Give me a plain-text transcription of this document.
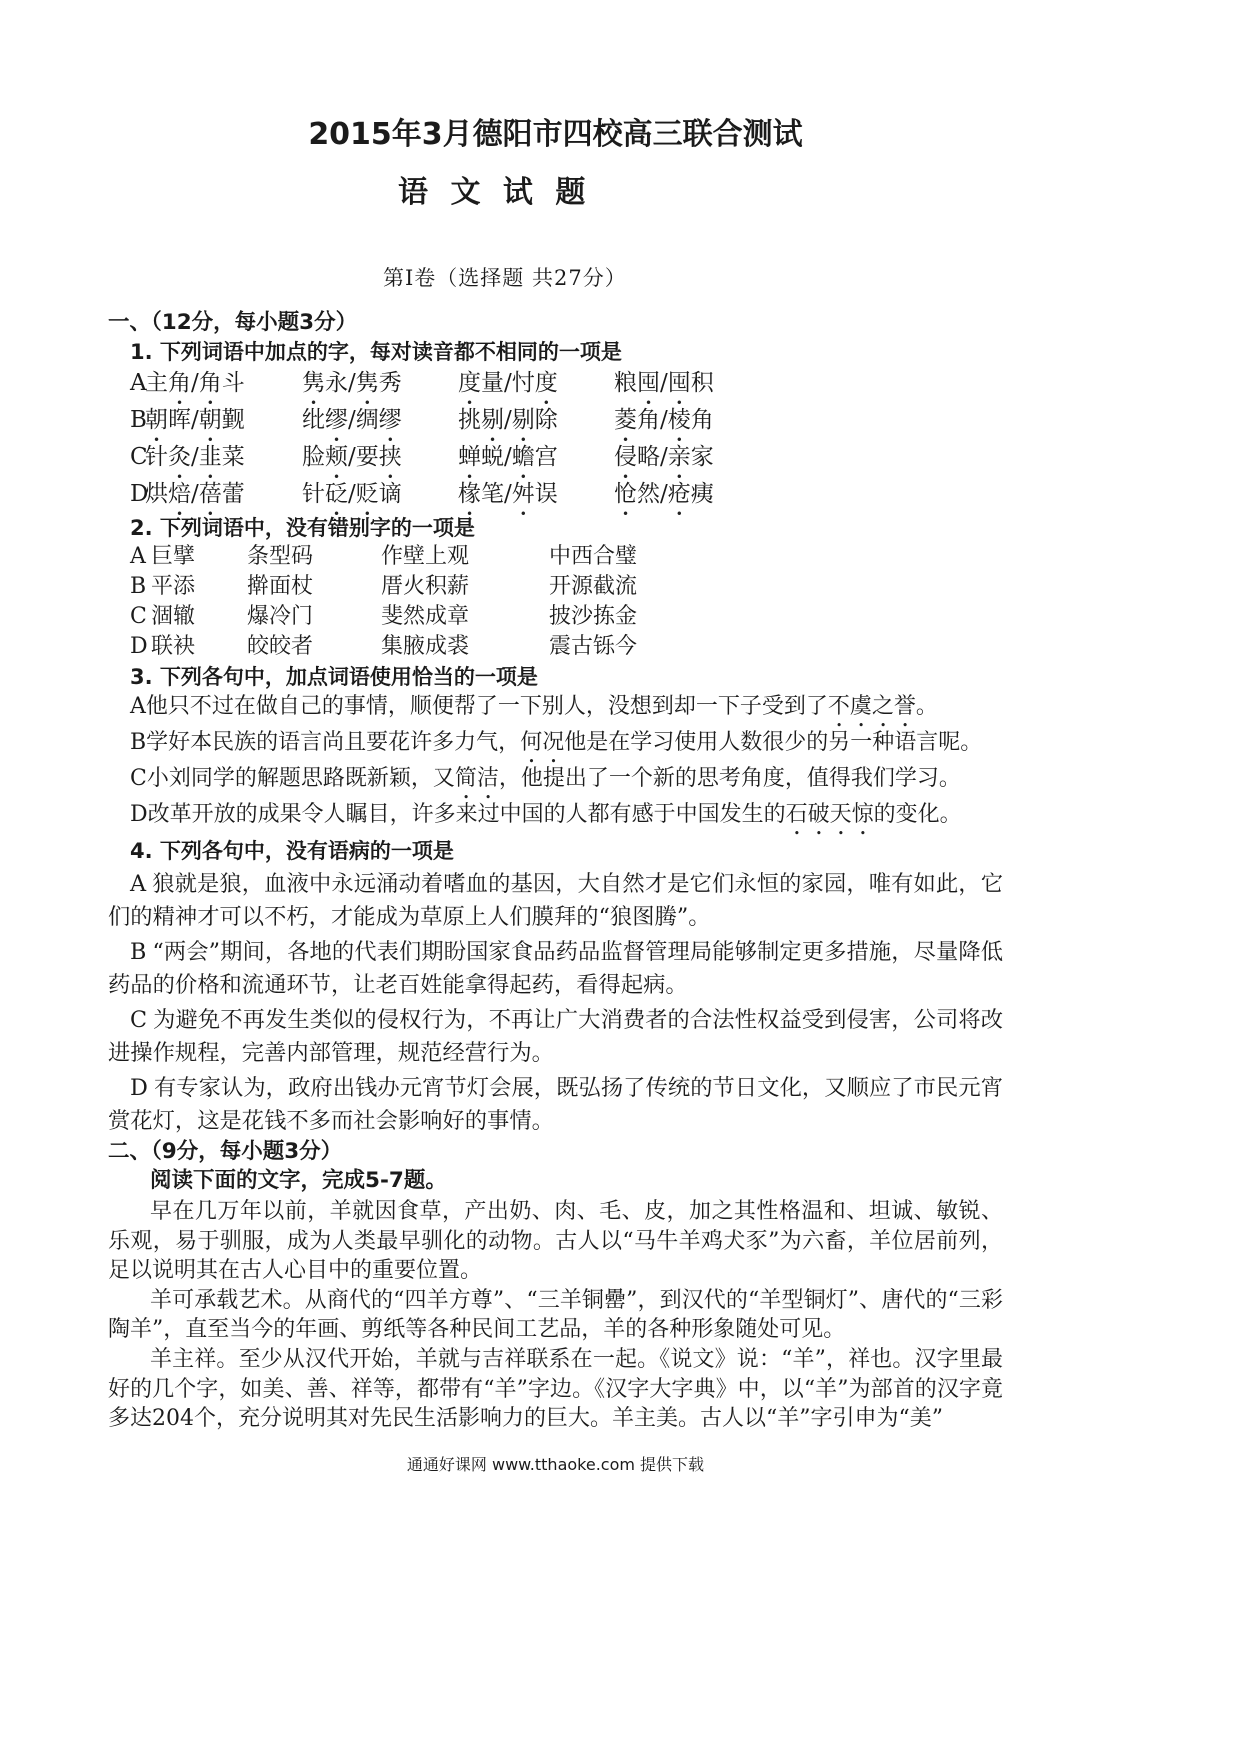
2015年3月德阳市四校高三联合测试
语 文 试 题
第Ⅰ卷（选择题 共27分）
一、（12分，每小题3分）
1. 下列词语中加点的字，每对读音都不相同的一项是
A
主角/角斗	隽永/隽秀	度量/忖度	粮囤/囤积
B
朝晖/朝觐	纰缪/绸缪	挑剔/剔除	菱角/棱角
C
针灸/韭菜	脸颊/要挟	蝉蜕/蟾宫	侵略/亲家
D
烘焙/蓓蕾	针砭/贬谪	椽笔/舛误	怆然/疮痍
2. 下列词语中，没有错别字的一项是
A 巨擘	条型码	作壁上观	中西合璧
B 平添	擀面杖	厝火积薪	开源截流
C 涸辙	爆冷门	斐然成章	披沙拣金
D 联袂	皎皎者	集腋成裘	震古铄今
3. 下列各句中，加点词语使用恰当的一项是
A他只不过在做自己的事情，顺便帮了一下别人，没想到却一下子受到了不虞之誉。
B学好本民族的语言尚且要花许多力气，何况他是在学习使用人数很少的另一种语言呢。
C小刘同学的解题思路既新颖，又简洁，他提出了一个新的思考角度，值得我们学习。
D改革开放的成果令人瞩目，许多来过中国的人都有感于中国发生的石破天惊的变化。
4. 下列各句中，没有语病的一项是

A 狼就是狼，血液中永远涌动着嗜血的基因，大自然才是它们永恒的家园，唯有如此，它们的精神才可以不朽，才能成为草原上人们膜拜的“狼图腾”。

B “两会”期间，各地的代表们期盼国家食品药品监督管理局能够制定更多措施，尽量降低药品的价格和流通环节，让老百姓能拿得起药，看得起病。

C 为避免不再发生类似的侵权行为，不再让广大消费者的合法性权益受到侵害，公司将改进操作规程，完善内部管理，规范经营行为。

D 有专家认为，政府出钱办元宵节灯会展，既弘扬了传统的节日文化，又顺应了市民元宵赏花灯，这是花钱不多而社会影响好的事情。

二、（9分，每小题3分）
阅读下面的文字，完成5-7题。

早在几万年以前，羊就因食草，产出奶、肉、毛、皮，加之其性格温和、坦诚、敏锐、乐观，易于驯服，成为人类最早驯化的动物。古人以“马牛羊鸡犬豕”为六畜，羊位居前列，足以说明其在古人心目中的重要位置。

羊可承载艺术。从商代的“四羊方尊”、“三羊铜罍”，到汉代的“羊型铜灯”、唐代的“三彩陶羊”，直至当今的年画、剪纸等各种民间工艺品，羊的各种形象随处可见。

羊主祥。至少从汉代开始，羊就与吉祥联系在一起。《说文》说：“羊”，祥也。汉字里最好的几个字，如美、善、祥等，都带有“羊”字边。《汉字大字典》中，以“羊”为部首的汉字竟多达204个，充分说明其对先民生活影响力的巨大。羊主美。古人以“羊”字引申为“美”

通通好课网 www.tthaoke.com 提供下载
